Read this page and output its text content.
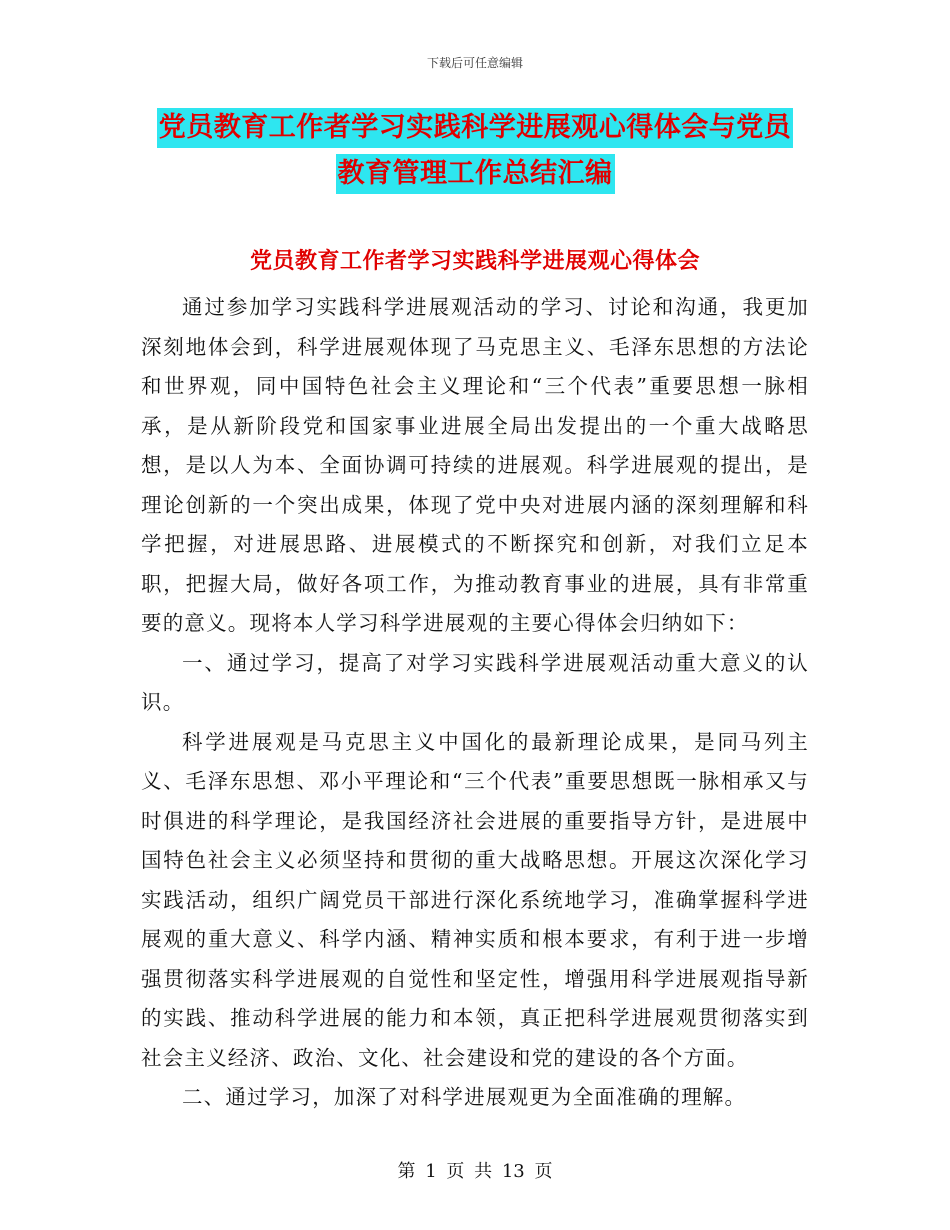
下载后可任意编辑
党员教育工作者学习实践科学进展观心得体会与党员
教育管理工作总结汇编
党员教育工作者学习实践科学进展观心得体会

通过参加学习实践科学进展观活动的学习、讨论和沟通，我更加深刻地体会到，科学进展观体现了马克思主义、毛泽东思想的方法论和世界观，同中国特色社会主义理论和“三个代表”重要思想一脉相承，是从新阶段党和国家事业进展全局出发提出的一个重大战略思想，是以人为本、全面协调可持续的进展观。科学进展观的提出，是理论创新的一个突出成果，体现了党中央对进展内涵的深刻理解和科学把握，对进展思路、进展模式的不断探究和创新，对我们立足本职，把握大局，做好各项工作，为推动教育事业的进展，具有非常重要的意义。现将本人学习科学进展观的主要心得体会归纳如下：

一、通过学习，提高了对学习实践科学进展观活动重大意义的认识。

科学进展观是马克思主义中国化的最新理论成果，是同马列主义、毛泽东思想、邓小平理论和“三个代表”重要思想既一脉相承又与时俱进的科学理论，是我国经济社会进展的重要指导方针，是进展中国特色社会主义必须坚持和贯彻的重大战略思想。开展这次深化学习实践活动，组织广阔党员干部进行深化系统地学习，准确掌握科学进展观的重大意义、科学内涵、精神实质和根本要求，有利于进一步增强贯彻落实科学进展观的自觉性和坚定性，增强用科学进展观指导新的实践、推动科学进展的能力和本领，真正把科学进展观贯彻落实到社会主义经济、政治、文化、社会建设和党的建设的各个方面。

二、通过学习，加深了对科学进展观更为全面准确的理解。

第 1 页 共 13 页
